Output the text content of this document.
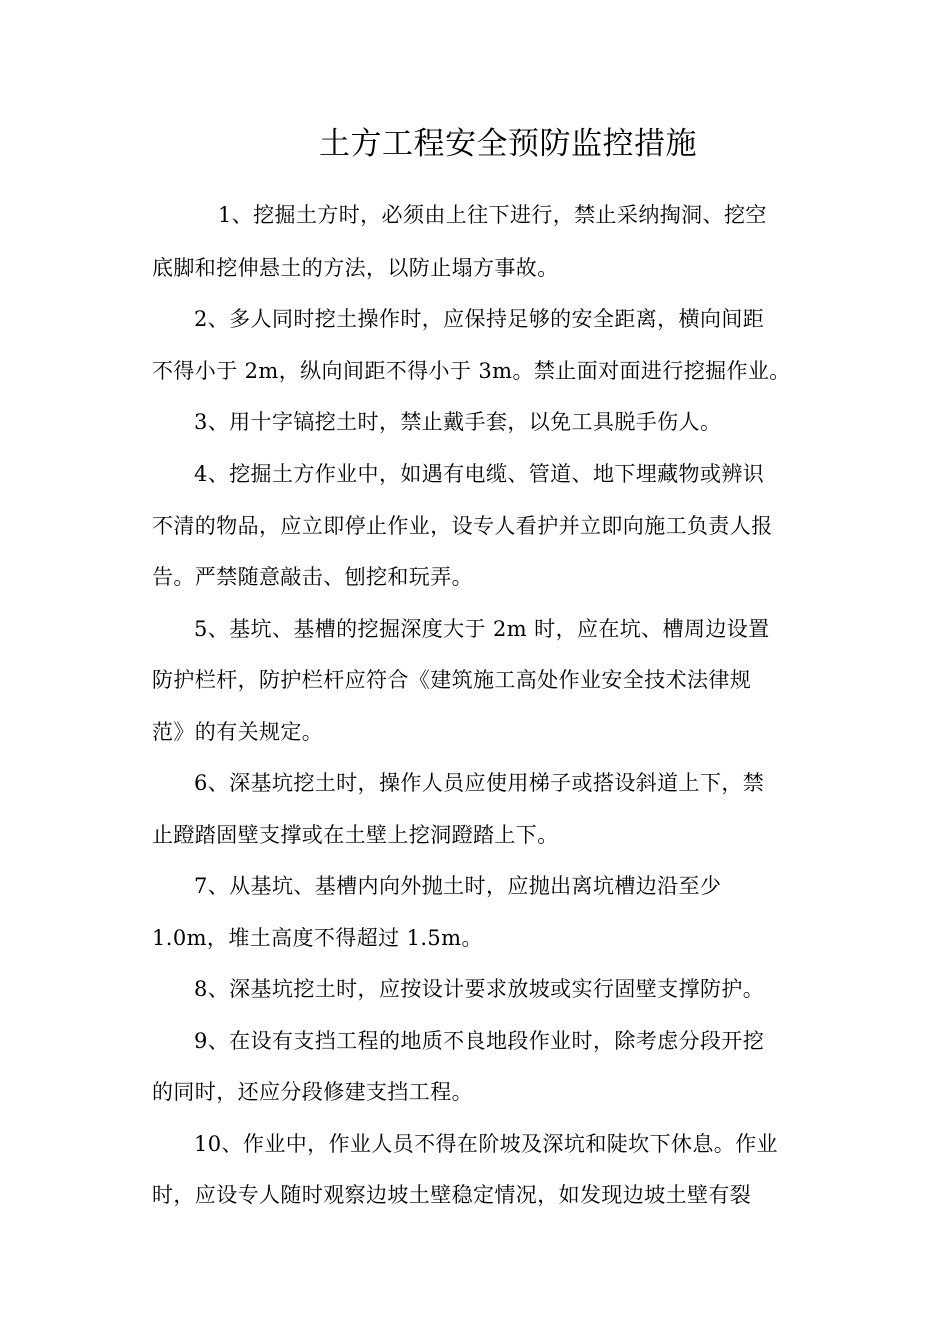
土方工程安全预防监控措施
1、挖掘土方时，必须由上往下进行，禁止采纳掏洞、挖空
底脚和挖伸悬土的方法，以防止塌方事故。
2、多人同时挖土操作时，应保持足够的安全距离，横向间距
不得小于 2m，纵向间距不得小于 3m。禁止面对面进行挖掘作业。
3、用十字镐挖土时，禁止戴手套，以免工具脱手伤人。
4、挖掘土方作业中，如遇有电缆、管道、地下埋藏物或辨识
不清的物品，应立即停止作业，设专人看护并立即向施工负责人报
告。严禁随意敲击、刨挖和玩弄。
5、基坑、基槽的挖掘深度大于 2m 时，应在坑、槽周边设置
防护栏杆，防护栏杆应符合《建筑施工高处作业安全技术法律规
范》的有关规定。
6、深基坑挖土时，操作人员应使用梯子或搭设斜道上下，禁
止蹬踏固壁支撑或在土壁上挖洞蹬踏上下。
7、从基坑、基槽内向外抛土时，应抛出离坑槽边沿至少
1.0m，堆土高度不得超过 1.5m。
8、深基坑挖土时，应按设计要求放坡或实行固壁支撑防护。
9、在设有支挡工程的地质不良地段作业时，除考虑分段开挖
的同时，还应分段修建支挡工程。
10、作业中，作业人员不得在阶坡及深坑和陡坎下休息。作业
时，应设专人随时观察边坡土壁稳定情况，如发现边坡土壁有裂
